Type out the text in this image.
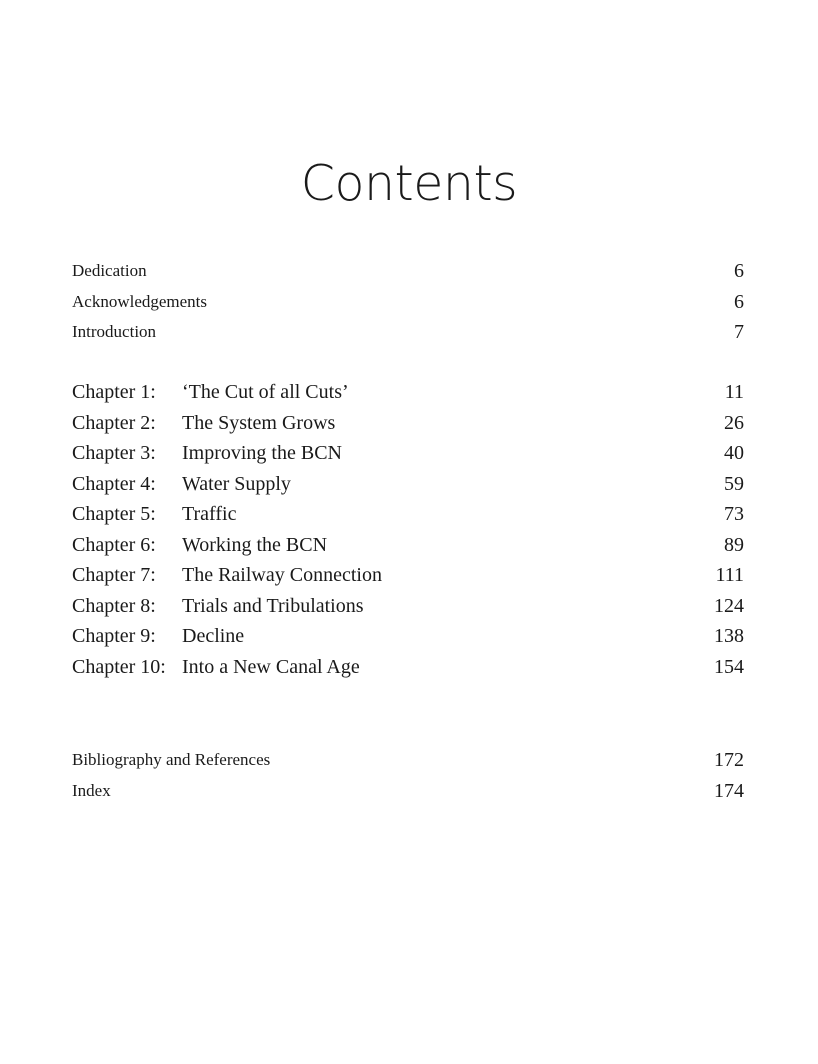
Contents
Dedication	6
Acknowledgements	6
Introduction	7
Chapter 1: ‘The Cut of all Cuts’	11
Chapter 2: The System Grows	26
Chapter 3: Improving the BCN	40
Chapter 4: Water Supply	59
Chapter 5: Traffic	73
Chapter 6: Working the BCN	89
Chapter 7: The Railway Connection	111
Chapter 8: Trials and Tribulations	124
Chapter 9: Decline	138
Chapter 10: Into a New Canal Age	154
Bibliography and References	172
Index	174
